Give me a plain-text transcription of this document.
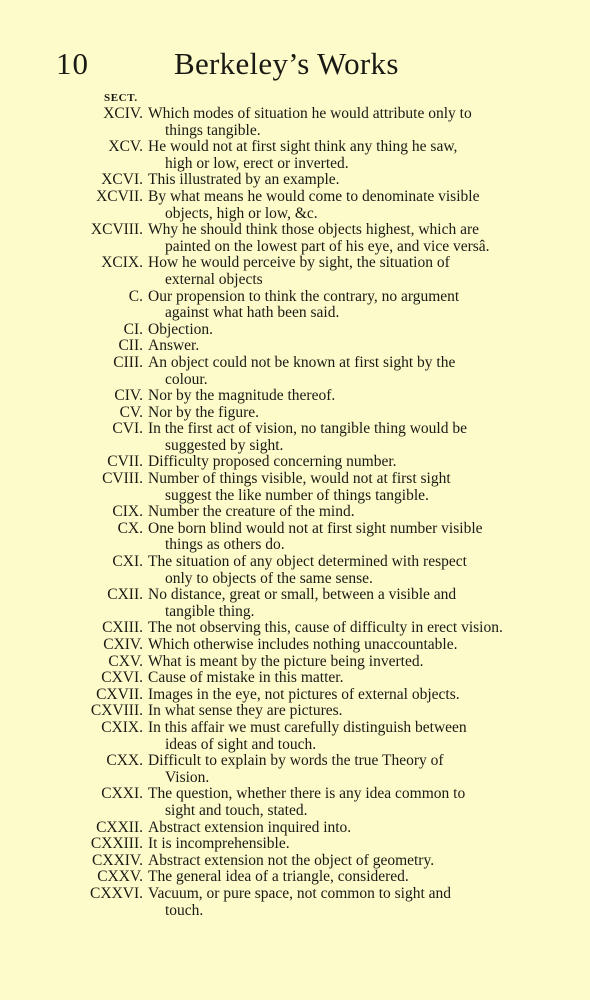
10	Berkeley’s Works
SECT.
XCIV. Which modes of situation he would attribute only to
things tangible.
XCV. He would not at first sight think any thing he saw,
high or low, erect or inverted.
XCVI. This illustrated by an example.
XCVII. By what means he would come to denominate visible
objects, high or low, &c.
XCVIII. Why he should think those objects highest, which are
painted on the lowest part of his eye, and vice versâ.
XCIX. How he would perceive by sight, the situation of
external objects
C. Our propension to think the contrary, no argument
against what hath been said.
CI. Objection.
CII. Answer.
CIII. An object could not be known at first sight by the
colour.
CIV. Nor by the magnitude thereof.
CV. Nor by the figure.
CVI. In the first act of vision, no tangible thing would be
suggested by sight.
CVII. Difficulty proposed concerning number.
CVIII. Number of things visible, would not at first sight
suggest the like number of things tangible.
CIX. Number the creature of the mind.
CX. One born blind would not at first sight number visible
things as others do.
CXI. The situation of any object determined with respect
only to objects of the same sense.
CXII. No distance, great or small, between a visible and
tangible thing.
CXIII. The not observing this, cause of difficulty in erect vision.
CXIV. Which otherwise includes nothing unaccountable.
CXV. What is meant by the picture being inverted.
CXVI. Cause of mistake in this matter.
CXVII. Images in the eye, not pictures of external objects.
CXVIII. In what sense they are pictures.
CXIX. In this affair we must carefully distinguish between
ideas of sight and touch.
CXX. Difficult to explain by words the true Theory of
Vision.
CXXI. The question, whether there is any idea common to
sight and touch, stated.
CXXII. Abstract extension inquired into.
CXXIII. It is incomprehensible.
CXXIV. Abstract extension not the object of geometry.
CXXV. The general idea of a triangle, considered.
CXXVI. Vacuum, or pure space, not common to sight and
touch.
